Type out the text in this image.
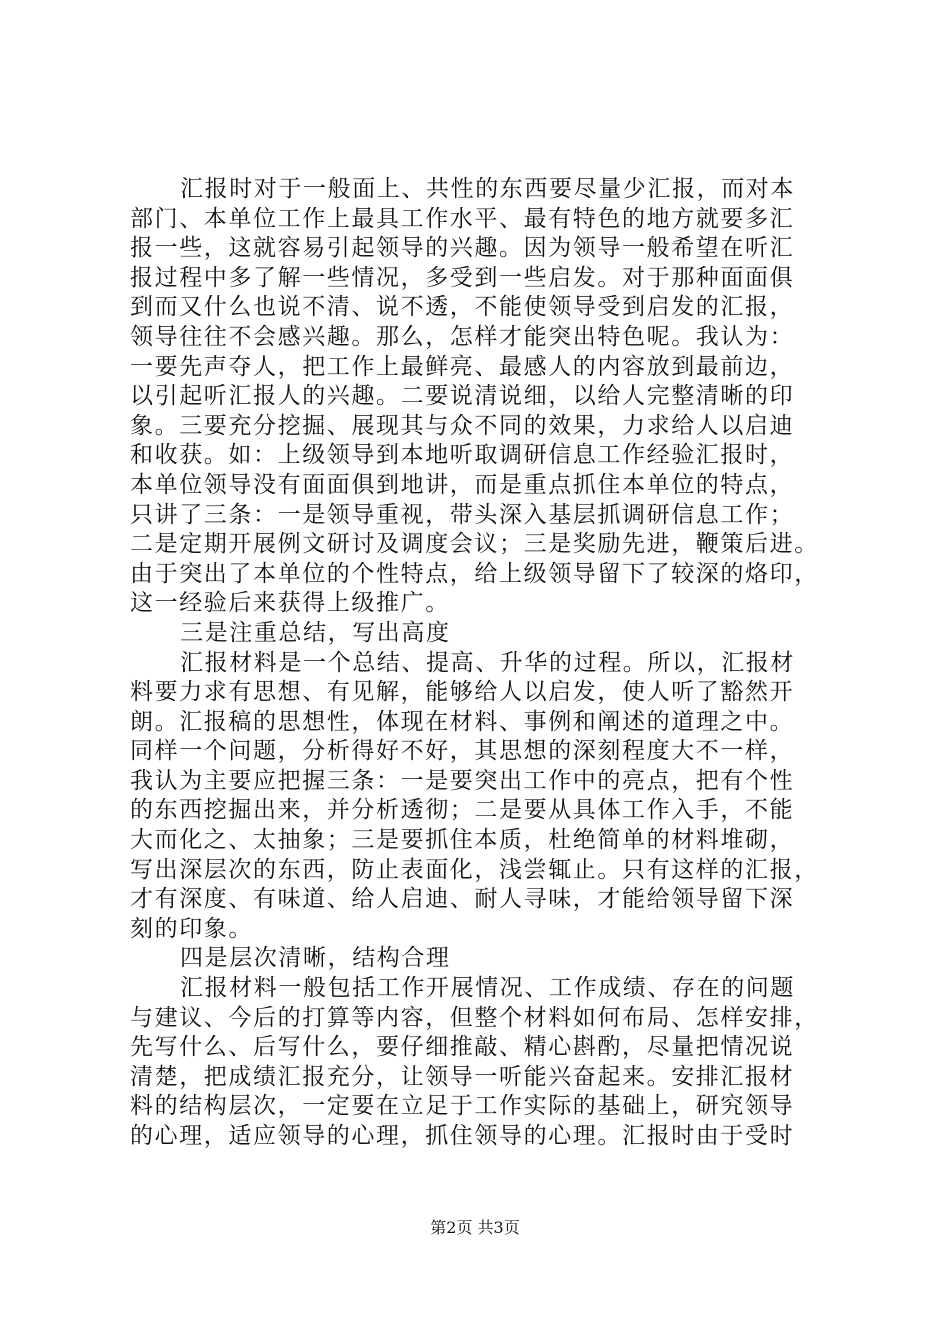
汇报时对于一般面上、共性的东西要尽量少汇报，而对本
部门、本单位工作上最具工作水平、最有特色的地方就要多汇
报一些，这就容易引起领导的兴趣。因为领导一般希望在听汇
报过程中多了解一些情况，多受到一些启发。对于那种面面俱
到而又什么也说不清、说不透，不能使领导受到启发的汇报，
领导往往不会感兴趣。那么，怎样才能突出特色呢。我认为：
一要先声夺人，把工作上最鲜亮、最感人的内容放到最前边，
以引起听汇报人的兴趣。二要说清说细，以给人完整清晰的印
象。三要充分挖掘、展现其与众不同的效果，力求给人以启迪
和收获。如：上级领导到本地听取调研信息工作经验汇报时，
本单位领导没有面面俱到地讲，而是重点抓住本单位的特点，
只讲了三条：一是领导重视，带头深入基层抓调研信息工作；
二是定期开展例文研讨及调度会议；三是奖励先进，鞭策后进。
由于突出了本单位的个性特点，给上级领导留下了较深的烙印，
这一经验后来获得上级推广。
三是注重总结，写出高度
汇报材料是一个总结、提高、升华的过程。所以，汇报材
料要力求有思想、有见解，能够给人以启发，使人听了豁然开
朗。汇报稿的思想性，体现在材料、事例和阐述的道理之中。
同样一个问题，分析得好不好，其思想的深刻程度大不一样，
我认为主要应把握三条：一是要突出工作中的亮点，把有个性
的东西挖掘出来，并分析透彻；二是要从具体工作入手，不能
大而化之、太抽象；三是要抓住本质，杜绝简单的材料堆砌，
写出深层次的东西，防止表面化，浅尝辄止。只有这样的汇报，
才有深度、有味道、给人启迪、耐人寻味，才能给领导留下深
刻的印象。
四是层次清晰，结构合理
汇报材料一般包括工作开展情况、工作成绩、存在的问题
与建议、今后的打算等内容，但整个材料如何布局、怎样安排，
先写什么、后写什么，要仔细推敲、精心斟酌，尽量把情况说
清楚，把成绩汇报充分，让领导一听能兴奋起来。安排汇报材
料的结构层次，一定要在立足于工作实际的基础上，研究领导
的心理，适应领导的心理，抓住领导的心理。汇报时由于受时
第2页 共3页
